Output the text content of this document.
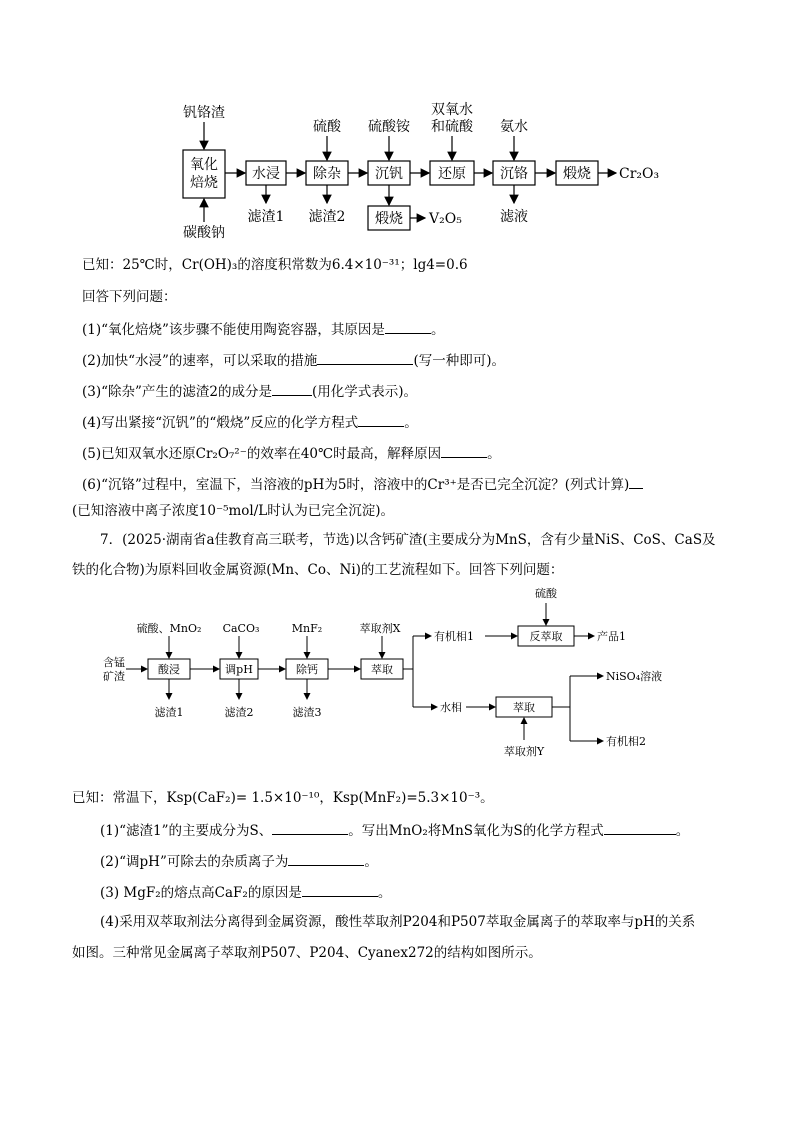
钒铬渣
硫酸 硫酸铵
双氧水
和硫酸 氨水
氧化
焙烧
水浸 除杂 沉钒	还原 沉铬	煅烧
煅烧
Cr₂O₃
V₂O₅
滤渣1 滤渣2	滤液
碳酸钠
已知：25℃时，Cr(OH)₃的溶度积常数为6.4×10⁻³¹；lg4=0.6
回答下列问题：
(1)“氧化焙烧”该步骤不能使用陶瓷容器，其原因是	。
(2)加快“水浸”的速率，可以采取的措施	(写一种即可)。
(3)“除杂”产生的滤渣2的成分是	(用化学式表示)。
(4)写出紧接“沉钒”的“煅烧”反应的化学方程式	。
(5)已知双氧水还原Cr₂O₇²⁻的效率在40℃时最高，解释原因	。
(6)“沉铬”过程中，室温下，当溶液的pH为5时，溶液中的Cr³⁺是否已完全沉淀？(列式计算)
(已知溶液中离子浓度10⁻⁵mol/L时认为已完全沉淀)。
7．(2025·湖南省a佳教育高三联考，节选)以含钙矿渣(主要成分为MnS，含有少量NiS、CoS、CaS及
铁的化合物)为原料回收金属资源(Mn、Co、Ni)的工艺流程如下。回答下列问题：
含锰
矿渣
硫酸、MnO₂ CaCO₃	MnF₂	萃取剂X
硫酸
萃取剂Y
酸浸	调pH	除钙	萃取
反萃取
萃取
滤渣1	滤渣2	滤渣3
有机相1	产品1
水相
NiSO₄溶液
有机相2
已知：常温下，Ksp(CaF₂)= 1.5×10⁻¹⁰，Ksp(MnF₂)=5.3×10⁻³。
(1)“滤渣1”的主要成分为S、	。写出MnO₂将MnS氧化为S的化学方程式	。
(2)“调pH”可除去的杂质离子为	。
(3) MgF₂的熔点高CaF₂的原因是	。
(4)采用双萃取剂法分离得到金属资源，酸性萃取剂P204和P507萃取金属离子的萃取率与pH的关系
如图。三种常见金属离子萃取剂P507、P204、Cyanex272的结构如图所示。
